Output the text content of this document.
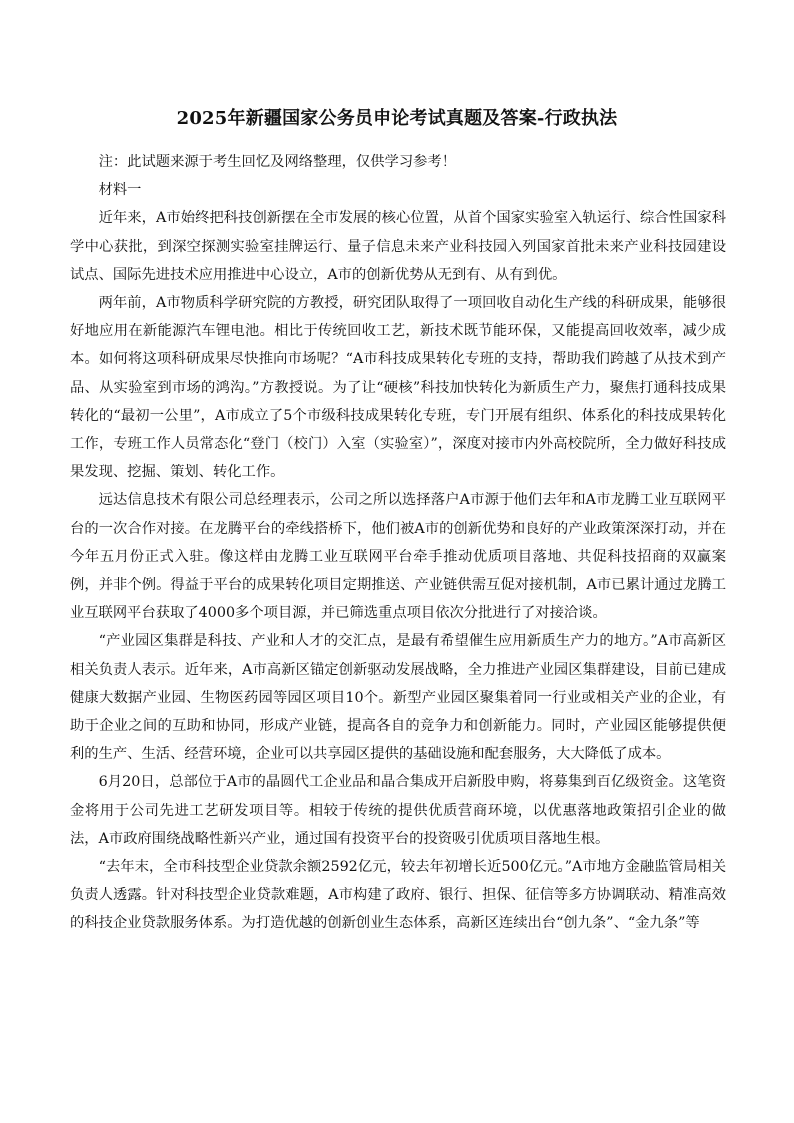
2025年新疆国家公务员申论考试真题及答案-行政执法

注：此试题来源于考生回忆及网络整理，仅供学习参考！

材料一

近年来，A市始终把科技创新摆在全市发展的核心位置，从首个国家实验室入轨运行、综合性国家科学中心获批，到深空探测实验室挂牌运行、量子信息未来产业科技园入列国家首批未来产业科技园建设试点、国际先进技术应用推进中心设立，A市的创新优势从无到有、从有到优。

两年前，A市物质科学研究院的方教授，研究团队取得了一项回收自动化生产线的科研成果，能够很好地应用在新能源汽车锂电池。相比于传统回收工艺，新技术既节能环保，又能提高回收效率，减少成本。如何将这项科研成果尽快推向市场呢？“A市科技成果转化专班的支持，帮助我们跨越了从技术到产品、从实验室到市场的鸿沟。”方教授说。为了让“硬核”科技加快转化为新质生产力，聚焦打通科技成果转化的“最初一公里”，A市成立了5个市级科技成果转化专班，专门开展有组织、体系化的科技成果转化工作，专班工作人员常态化“登门（校门）入室（实验室）”，深度对接市内外高校院所，全力做好科技成果发现、挖掘、策划、转化工作。

远达信息技术有限公司总经理表示，公司之所以选择落户A市源于他们去年和A市龙腾工业互联网平台的一次合作对接。在龙腾平台的牵线搭桥下，他们被A市的创新优势和良好的产业政策深深打动，并在今年五月份正式入驻。像这样由龙腾工业互联网平台牵手推动优质项目落地、共促科技招商的双赢案例，并非个例。得益于平台的成果转化项目定期推送、产业链供需互促对接机制，A市已累计通过龙腾工业互联网平台获取了4000多个项目源，并已筛选重点项目依次分批进行了对接洽谈。

“产业园区集群是科技、产业和人才的交汇点，是最有希望催生应用新质生产力的地方。”A市高新区相关负责人表示。近年来，A市高新区锚定创新驱动发展战略，全力推进产业园区集群建设，目前已建成健康大数据产业园、生物医药园等园区项目10个。新型产业园区聚集着同一行业或相关产业的企业，有助于企业之间的互助和协同，形成产业链，提高各自的竞争力和创新能力。同时，产业园区能够提供便利的生产、生活、经营环境，企业可以共享园区提供的基础设施和配套服务，大大降低了成本。

6月20日，总部位于A市的晶圆代工企业品和晶合集成开启新股申购，将募集到百亿级资金。这笔资金将用于公司先进工艺研发项目等。相较于传统的提供优质营商环境，以优惠落地政策招引企业的做法，A市政府围绕战略性新兴产业，通过国有投资平台的投资吸引优质项目落地生根。

“去年末，全市科技型企业贷款余额2592亿元，较去年初增长近500亿元。”A市地方金融监管局相关负责人透露。针对科技型企业贷款难题，A市构建了政府、银行、担保、征信等多方协调联动、精准高效的科技企业贷款服务体系。为打造优越的创新创业生态体系，高新区连续出台“创九条”、“金九条”等
